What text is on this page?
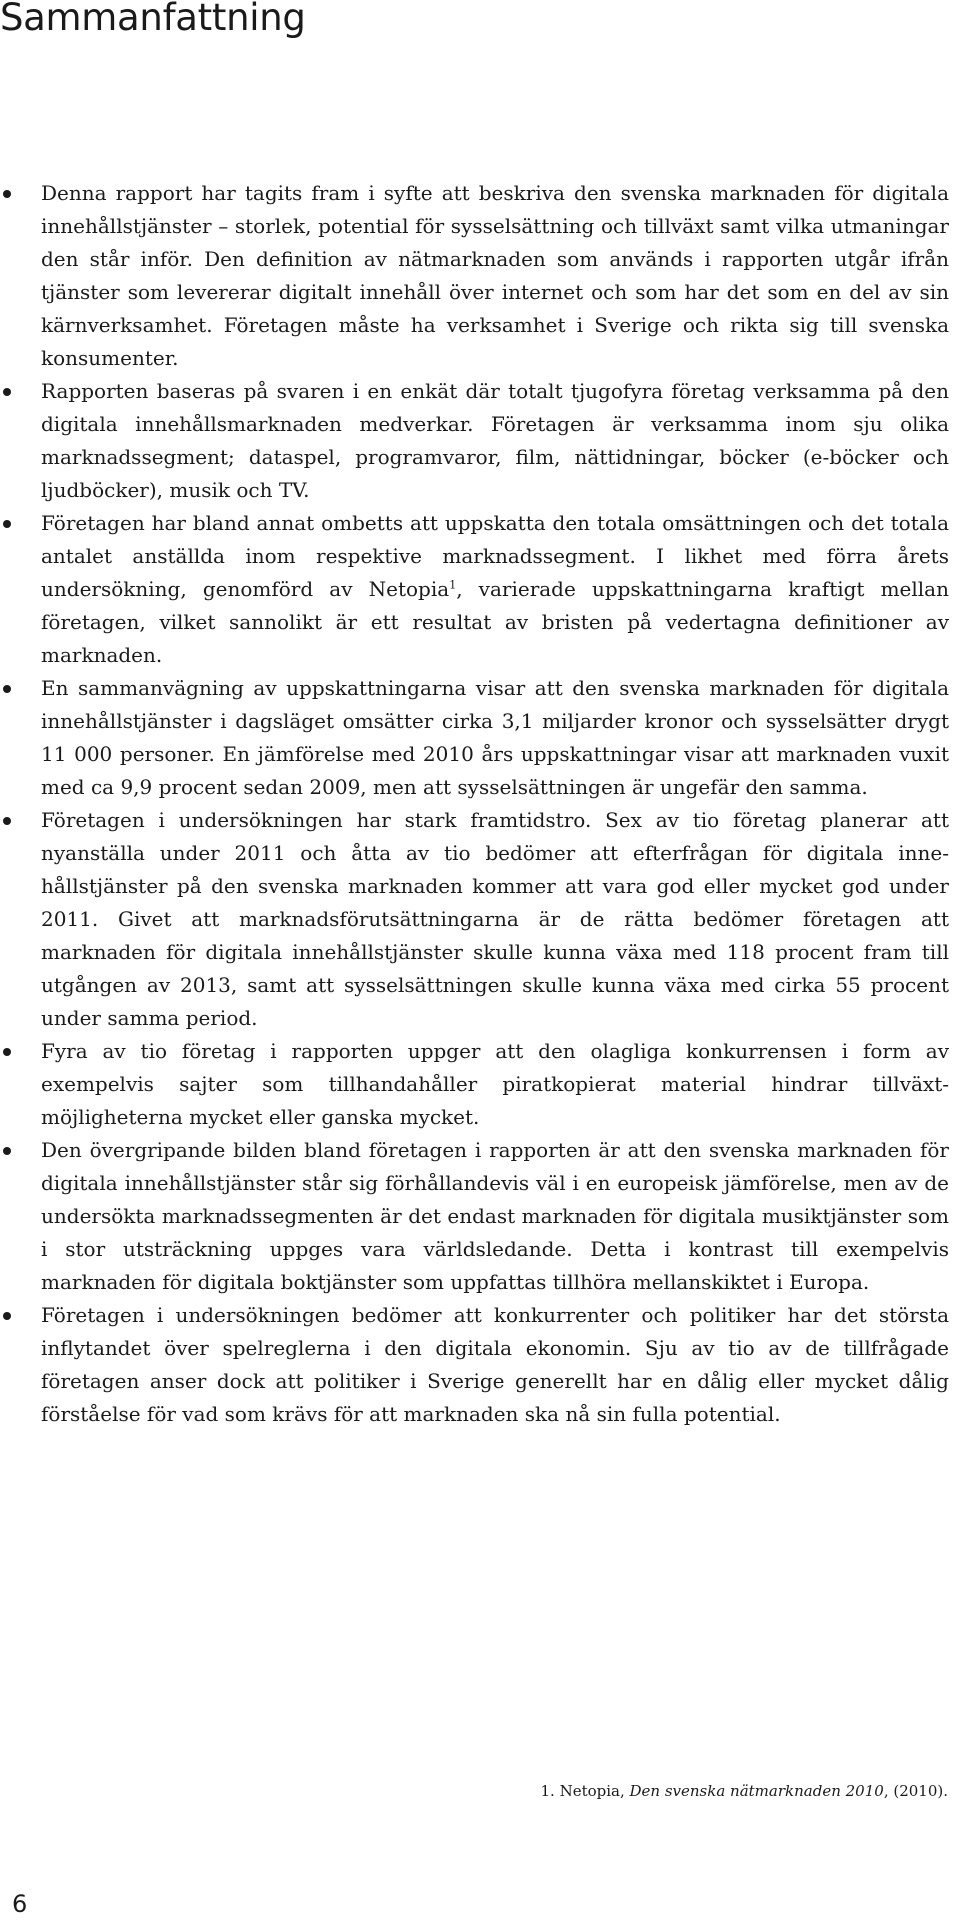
Sammanfattning
Denna rapport har tagits fram i syfte att beskriva den svenska marknaden för digitala innehållstjänster – storlek, potential för sysselsättning och tillväxt samt vilka utmaningar den står inför. Den definition av nätmarknaden som används i rapporten utgår ifrån tjänster som levererar digitalt innehåll över internet och som har det som en del av sin kärnverksamhet. Företagen måste ha verksamhet i Sverige och rikta sig till svenska konsumenter.
Rapporten baseras på svaren i en enkät där totalt tjugofyra företag verksamma på den digitala innehållsmarknaden medverkar. Företagen är verksamma inom sju olika marknadssegment; dataspel, programvaror, film, nättidningar, böcker (e-böcker och ljudböcker), musik och TV.
Företagen har bland annat ombetts att uppskatta den totala omsättningen och det totala antalet anställda inom respektive marknadssegment. I likhet med förra årets undersökning, genomförd av Netopia$^1$, varierade uppskattningarna kraftigt mellan företagen, vilket sannolikt är ett resultat av bristen på vedertagna definitioner av marknaden.
En sammanvägning av uppskattningarna visar att den svenska marknaden för digitala innehållstjänster i dagsläget omsätter cirka 3,1 miljarder kronor och sysselsätter drygt 11 000 personer. En jämförelse med 2010 års uppskattningar visar att marknaden vuxit med ca 9,9 procent sedan 2009, men att sysselsättningen är ungefär den samma.
Företagen i undersökningen har stark framtidstro. Sex av tio företag planerar att nyanställa under 2011 och åtta av tio bedömer att efterfrågan för digitala innehållstjänster på den svenska marknaden kommer att vara god eller mycket god under 2011. Givet att marknadsförutsättningarna är de rätta bedömer företagen att marknaden för digitala innehållstjänster skulle kunna växa med 118 procent fram till utgången av 2013, samt att sysselsättningen skulle kunna växa med cirka 55 procent under samma period.
Fyra av tio företag i rapporten uppger att den olagliga konkurrensen i form av exempelvis sajter som tillhandahåller piratkopierat material hindrar tillväxtmöjligheterna mycket eller ganska mycket.
Den övergripande bilden bland företagen i rapporten är att den svenska marknaden för digitala innehållstjänster står sig förhållandevis väl i en europeisk jämförelse, men av de undersökta marknadssegmenten är det endast marknaden för digitala musiktjänster som i stor utsträckning uppges vara världsledande. Detta i kontrast till exempelvis marknaden för digitala boktjänster som uppfattas tillhöra mellanskiktet i Europa.
Företagen i undersökningen bedömer att konkurrenter och politiker har det största inflytandet över spelreglerna i den digitala ekonomin. Sju av tio av de tillfrågade företagen anser dock att politiker i Sverige generellt har en dålig eller mycket dålig förståelse för vad som krävs för att marknaden ska nå sin fulla potential.

1. Netopia, Den svenska nätmarknaden 2010, (2010).

6
